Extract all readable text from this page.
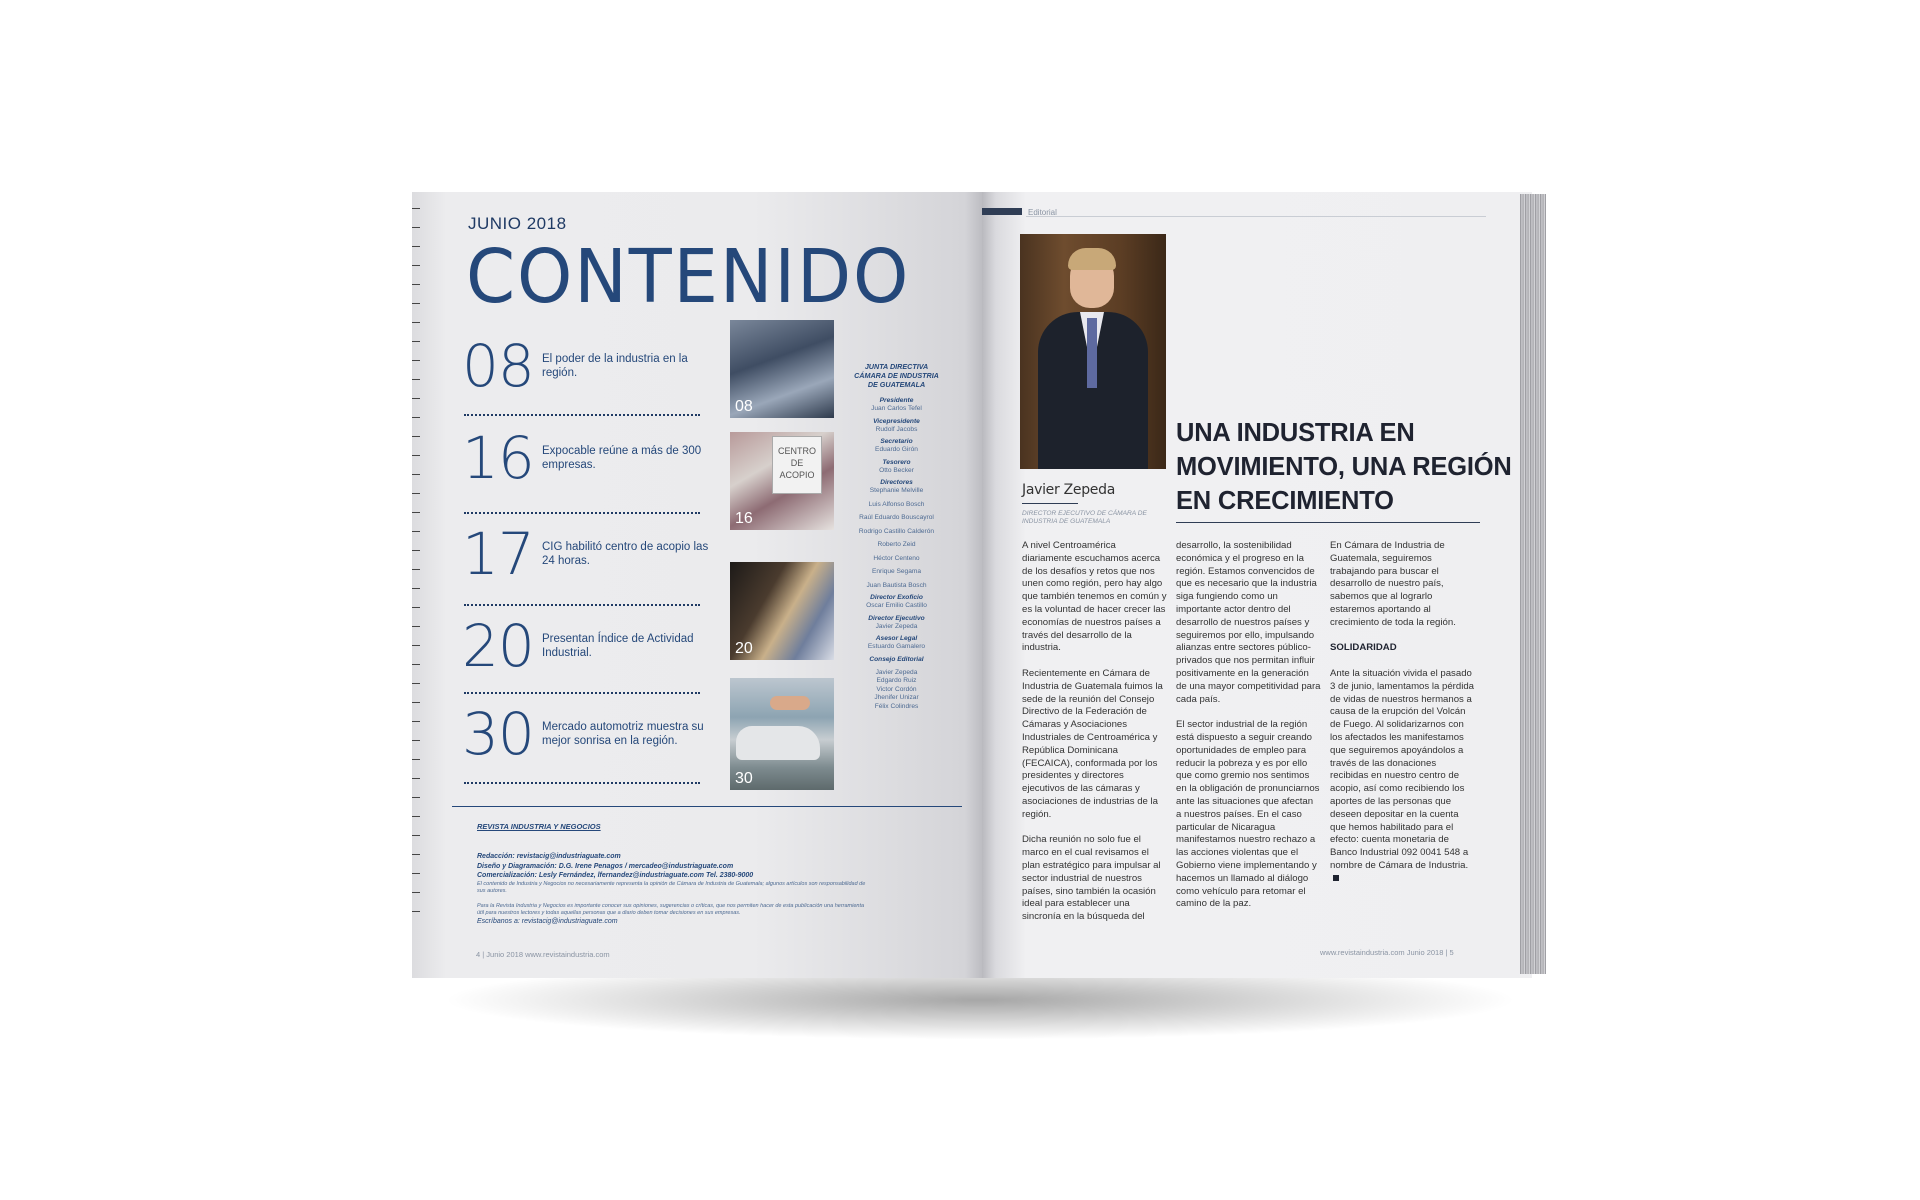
JUNIO 2018
CONTENIDO
08 El poder de la industria en la región.
08
16 Expocable reúne a más de 300 empresas.
CENTRO DE ACOPIO
16
17 CIG habilitó centro de acopio las 24 horas.
20 Presentan Índice de Actividad Industrial.	20
30 Mercado automotriz muestra su mejor sonrisa en la región.
30
JUNTA DIRECTIVA CÁMARA DE INDUSTRIA DE GUATEMALA
Presidente
Juan Carlos Tefel
Vicepresidente
Rudolf Jacobs
Secretario
Eduardo Girón
Tesorero
Otto Becker
Directores
Stephanie Melville
Luis Alfonso Bosch
Raúl Eduardo Bouscayrol
Rodrigo Castillo Calderón
Roberto Zeid
Héctor Centeno
Enrique Segama
Juan Bautista Bosch
Director Exoficio
Oscar Emilio Castillo
Director Ejecutivo
Javier Zepeda
Asesor Legal
Estuardo Gamalero
Consejo Editorial
Javier Zepeda
Edgardo Ruiz
Victor Cordón
Jhenifer Unizar
Félix Colindres
REVISTA INDUSTRIA Y NEGOCIOS
Redacción: revistacig@industriaguate.com
Diseño y Diagramación: D.G. Irene Penagos / mercadeo@industriaguate.com
Comercialización: Lesly Fernández, lfernandez@industriaguate.com Tel. 2380-9000
El contenido de Industria y Negocios no necesariamente representa la opinión de Cámara de Industria de Guatemala; algunos artículos son responsabilidad de sus autores.
Para la Revista Industria y Negocios es importante conocer sus opiniones, sugerencias o críticas, que nos permiten hacer de esta publicación una herramienta útil para nuestros lectores y todas aquellas personas que a diario deben tomar decisiones en sus empresas.
Escríbanos a: revistacig@industriaguate.com
4 | Junio 2018 www.revistaindustria.com
Editorial
Javier Zepeda
DIRECTOR EJECUTIVO DE CÁMARA DE INDUSTRIA DE GUATEMALA
UNA INDUSTRIA EN MOVIMIENTO, UNA REGIÓN EN CRECIMIENTO

A nivel Centroamérica diariamente escuchamos acerca de los desafíos y retos que nos unen como región, pero hay algo que también tenemos en común y es la voluntad de hacer crecer las economías de nuestros países a través del desarrollo de la industria.

Recientemente en Cámara de Industria de Guatemala fuimos la sede de la reunión del Consejo Directivo de la Federación de Cámaras y Asociaciones Industriales de Centroamérica y República Dominicana (FECAICA), conformada por los presidentes y directores ejecutivos de las cámaras y asociaciones de industrias de la región.

Dicha reunión no solo fue el marco en el cual revisamos el plan estratégico para impulsar al sector industrial de nuestros países, sino también la ocasión ideal para establecer una sincronía en la búsqueda del

desarrollo, la sostenibilidad económica y el progreso en la región. Estamos convencidos de que es necesario que la industria siga fungiendo como un importante actor dentro del desarrollo de nuestros países y seguiremos por ello, impulsando alianzas entre sectores público-privados que nos permitan influir positivamente en la generación de una mayor competitividad para cada país.

El sector industrial de la región está dispuesto a seguir creando oportunidades de empleo para reducir la pobreza y es por ello que como gremio nos sentimos en la obligación de pronunciarnos ante las situaciones que afectan a nuestros países. En el caso particular de Nicaragua manifestamos nuestro rechazo a las acciones violentas que el Gobierno viene implementando y hacemos un llamado al diálogo como vehículo para retomar el camino de la paz.

En Cámara de Industria de Guatemala, seguiremos trabajando para buscar el desarrollo de nuestro país, sabemos que al lograrlo estaremos aportando al crecimiento de toda la región.

SOLIDARIDAD

Ante la situación vivida el pasado 3 de junio, lamentamos la pérdida de vidas de nuestros hermanos a causa de la erupción del Volcán de Fuego. Al solidarizarnos con los afectados les manifestamos que seguiremos apoyándolos a través de las donaciones recibidas en nuestro centro de acopio, así como recibiendo los aportes de las personas que deseen depositar en la cuenta que hemos habilitado para el efecto: cuenta monetaria de Banco Industrial 092 0041 548 a nombre de Cámara de Industria.

www.revistaindustria.com Junio 2018 | 5
